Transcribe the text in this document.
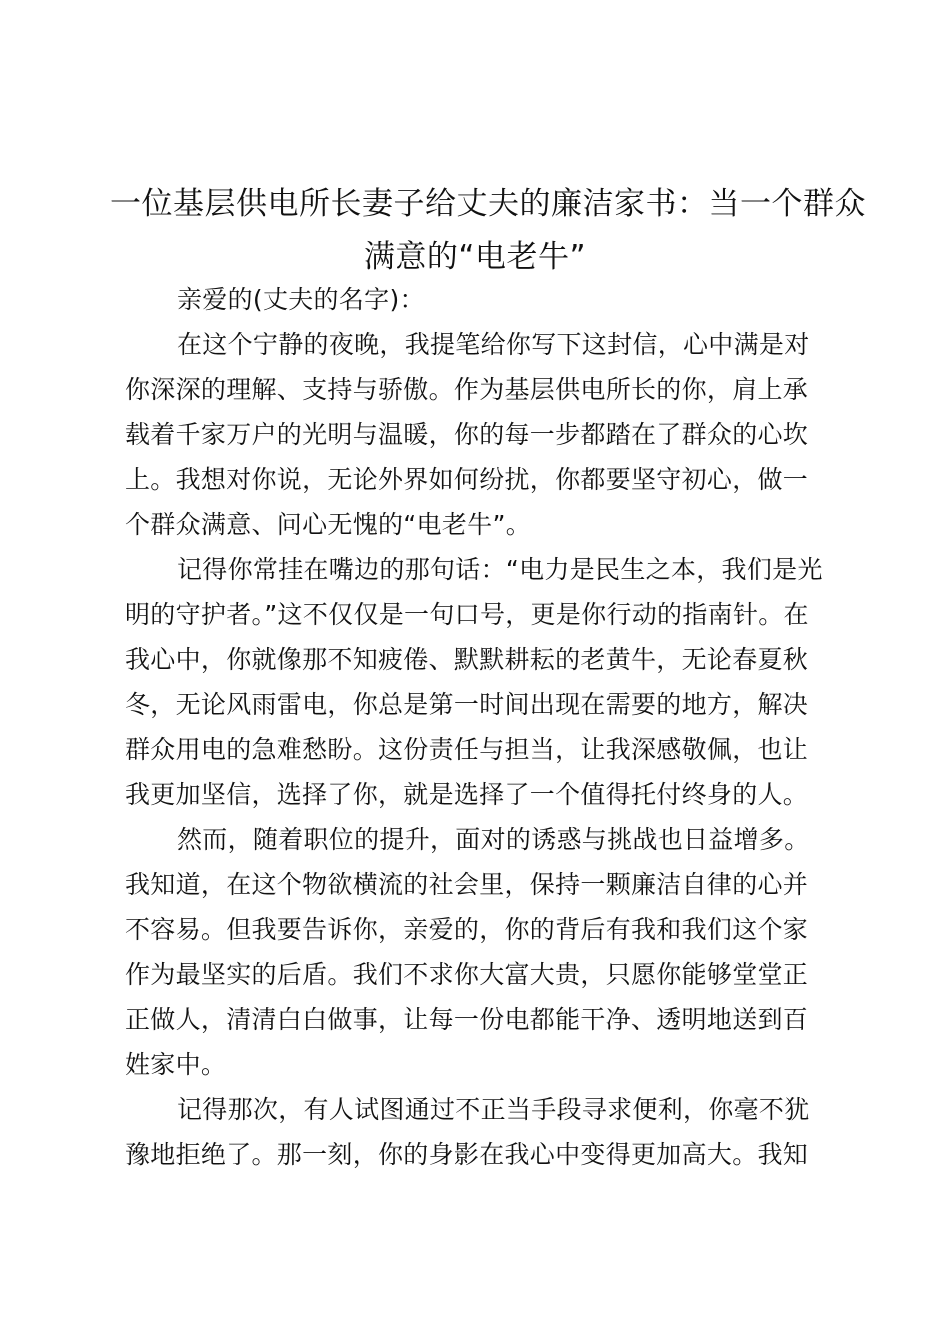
一位基层供电所长妻子给丈夫的廉洁家书：当一个群众
满意的“电老牛”
亲爱的(丈夫的名字)：
在这个宁静的夜晚，我提笔给你写下这封信，心中满是对
你深深的理解、支持与骄傲。作为基层供电所长的你，肩上承
载着千家万户的光明与温暖，你的每一步都踏在了群众的心坎
上。我想对你说，无论外界如何纷扰，你都要坚守初心，做一
个群众满意、问心无愧的“电老牛”。
记得你常挂在嘴边的那句话：“电力是民生之本，我们是光
明的守护者。”这不仅仅是一句口号，更是你行动的指南针。在
我心中，你就像那不知疲倦、默默耕耘的老黄牛，无论春夏秋
冬，无论风雨雷电，你总是第一时间出现在需要的地方，解决
群众用电的急难愁盼。这份责任与担当，让我深感敬佩，也让
我更加坚信，选择了你，就是选择了一个值得托付终身的人。
然而，随着职位的提升，面对的诱惑与挑战也日益增多。
我知道，在这个物欲横流的社会里，保持一颗廉洁自律的心并
不容易。但我要告诉你，亲爱的，你的背后有我和我们这个家
作为最坚实的后盾。我们不求你大富大贵，只愿你能够堂堂正
正做人，清清白白做事，让每一份电都能干净、透明地送到百
姓家中。
记得那次，有人试图通过不正当手段寻求便利，你毫不犹
豫地拒绝了。那一刻，你的身影在我心中变得更加高大。我知
